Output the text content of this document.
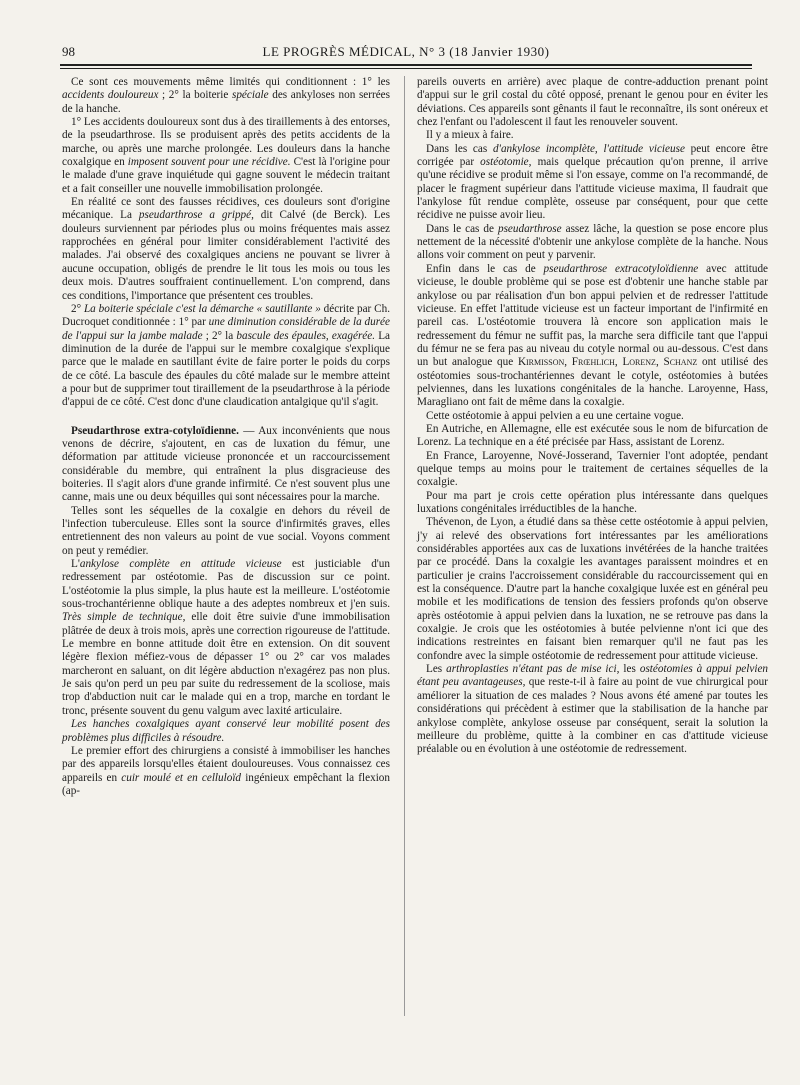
98	LE PROGRÈS MÉDICAL, N° 3 (18 Janvier 1930)

Ce sont ces mouvements même limités qui conditionnent : 1° les accidents douloureux ; 2° la boiterie spéciale des ankyloses non serrées de la hanche.

1° Les accidents douloureux sont dus à des tiraillements à des entorses, de la pseudarthrose. Ils se produisent après des petits accidents de la marche, ou après une marche prolongée. Les douleurs dans la hanche coxalgique en imposent souvent pour une récidive. C'est là l'origine pour le malade d'une grave inquiétude qui gagne souvent le médecin traitant et a fait conseiller une nouvelle immobilisation prolongée.

En réalité ce sont des fausses récidives, ces douleurs sont d'origine mécanique. La pseudarthrose a grippé, dit Calvé (de Berck). Les douleurs surviennent par périodes plus ou moins fréquentes mais assez rapprochées en général pour limiter considérablement l'activité des malades. J'ai observé des coxalgiques anciens ne pouvant se livrer à aucune occupation, obligés de prendre le lit tous les mois ou tous les deux mois. D'autres souffraient continuellement. L'on comprend, dans ces conditions, l'importance que présentent ces troubles.

2° La boiterie spéciale c'est la démarche « sautillante » décrite par Ch. Ducroquet conditionnée : 1° par une diminution considérable de la durée de l'appui sur la jambe malade ; 2° la bascule des épaules, exagérée. La diminution de la durée de l'appui sur le membre coxalgique s'explique parce que le malade en sautillant évite de faire porter le poids du corps de ce côté. La bascule des épaules du côté malade sur le membre atteint a pour but de supprimer tout tiraillement de la pseudarthrose à la période d'appui de ce côté. C'est donc d'une claudication antalgique qu'il s'agit.

Pseudarthrose extra-cotyloïdienne. — Aux inconvénients que nous venons de décrire, s'ajoutent, en cas de luxation du fémur, une déformation par attitude vicieuse prononcée et un raccourcissement considérable du membre, qui entraînent la plus disgracieuse des boiteries. Il s'agit alors d'une grande infirmité. Ce n'est souvent plus une canne, mais une ou deux béquilles qui sont nécessaires pour la marche.

Telles sont les séquelles de la coxalgie en dehors du réveil de l'infection tuberculeuse. Elles sont la source d'infirmités graves, elles entretiennent des non valeurs au point de vue social. Voyons comment on peut y remédier.

L'ankylose complète en attitude vicieuse est justiciable d'un redressement par ostéotomie. Pas de discussion sur ce point. L'ostéotomie la plus simple, la plus haute est la meilleure. L'ostéotomie sous-trochantérienne oblique haute a des adeptes nombreux et j'en suis. Très simple de technique, elle doit être suivie d'une immobilisation plâtrée de deux à trois mois, après une correction rigoureuse de l'attitude. Le membre en bonne attitude doit être en extension. On dit souvent légère flexion méfiez-vous de dépasser 1° ou 2° car vos malades marcheront en saluant, on dit légère abduction n'exagérez pas non plus. Je sais qu'on perd un peu par suite du redressement de la scoliose, mais trop d'abduction nuit car le malade qui en a trop, marche en tordant le tronc, présente souvent du genu valgum avec laxité articulaire.

Les hanches coxalgiques ayant conservé leur mobilité posent des problèmes plus difficiles à résoudre.

Le premier effort des chirurgiens a consisté à immobiliser les hanches par des appareils lorsqu'elles étaient douloureuses. Vous connaissez ces appareils en cuir moulé et en celluloïd ingénieux empêchant la flexion (ap-

pareils ouverts en arrière) avec plaque de contre-adduction prenant point d'appui sur le gril costal du côté opposé, prenant le genou pour en éviter les déviations. Ces appareils sont gênants il faut le reconnaître, ils sont onéreux et chez l'enfant ou l'adolescent il faut les renouveler souvent.

Il y a mieux à faire.

Dans les cas d'ankylose incomplète, l'attitude vicieuse peut encore être corrigée par ostéotomie, mais quelque précaution qu'on prenne, il arrive qu'une récidive se produit même si l'on essaye, comme on l'a recommandé, de placer le fragment supérieur dans l'attitude vicieuse maxima, Il faudrait que l'ankylose fût rendue complète, osseuse par conséquent, pour que cette récidive ne puisse avoir lieu.

Dans le cas de pseudarthrose assez lâche, la question se pose encore plus nettement de la nécessité d'obtenir une ankylose complète de la hanche. Nous allons voir comment on peut y parvenir.

Enfin dans le cas de pseudarthrose extracotyloïdienne avec attitude vicieuse, le double problème qui se pose est d'obtenir une hanche stable par ankylose ou par réalisation d'un bon appui pelvien et de redresser l'attitude vicieuse. En effet l'attitude vicieuse est un facteur important de l'infirmité en pareil cas. L'ostéotomie trouvera là encore son application mais le redressement du fémur ne suffit pas, la marche sera difficile tant que l'appui du fémur ne se fera pas au niveau du cotyle normal ou au-dessous. C'est dans un but analogue que Kirmisson, Frœhlich, Lorenz, Schanz ont utilisé des ostéotomies sous-trochantériennes devant le cotyle, ostéotomies à butées pelviennes, dans les luxations congénitales de la hanche. Laroyenne, Hass, Maragliano ont fait de même dans la coxalgie.

Cette ostéotomie à appui pelvien a eu une certaine vogue.

En Autriche, en Allemagne, elle est exécutée sous le nom de bifurcation de Lorenz. La technique en a été précisée par Hass, assistant de Lorenz.

En France, Laroyenne, Nové-Josserand, Tavernier l'ont adoptée, pendant quelque temps au moins pour le traitement de certaines séquelles de la coxalgie.

Pour ma part je crois cette opération plus intéressante dans quelques luxations congénitales irréductibles de la hanche.

Thévenon, de Lyon, a étudié dans sa thèse cette ostéotomie à appui pelvien, j'y ai relevé des observations fort intéressantes par les améliorations considérables apportées aux cas de luxations invétérées de la hanche traitées par ce procédé. Dans la coxalgie les avantages paraissent moindres et en particulier je crains l'accroissement considérable du raccourcissement qui en est la conséquence. D'autre part la hanche coxalgique luxée est en général peu mobile et les modifications de tension des fessiers profonds qu'on observe après ostéotomie à appui pelvien dans la luxation, ne se retrouve pas dans la coxalgie. Je crois que les ostéotomies à butée pelvienne n'ont ici que des indications restreintes en faisant bien remarquer qu'il ne faut pas les confondre avec la simple ostéotomie de redressement pour attitude vicieuse.

Les arthroplasties n'étant pas de mise ici, les ostéotomies à appui pelvien étant peu avantageuses, que reste-t-il à faire au point de vue chirurgical pour améliorer la situation de ces malades ? Nous avons été amené par toutes les considérations qui précèdent à estimer que la stabilisation de la hanche par ankylose complète, ankylose osseuse par conséquent, serait la solution la meilleure du problème, quitte à la combiner en cas d'attitude vicieuse préalable ou en évolution à une ostéotomie de redressement.
